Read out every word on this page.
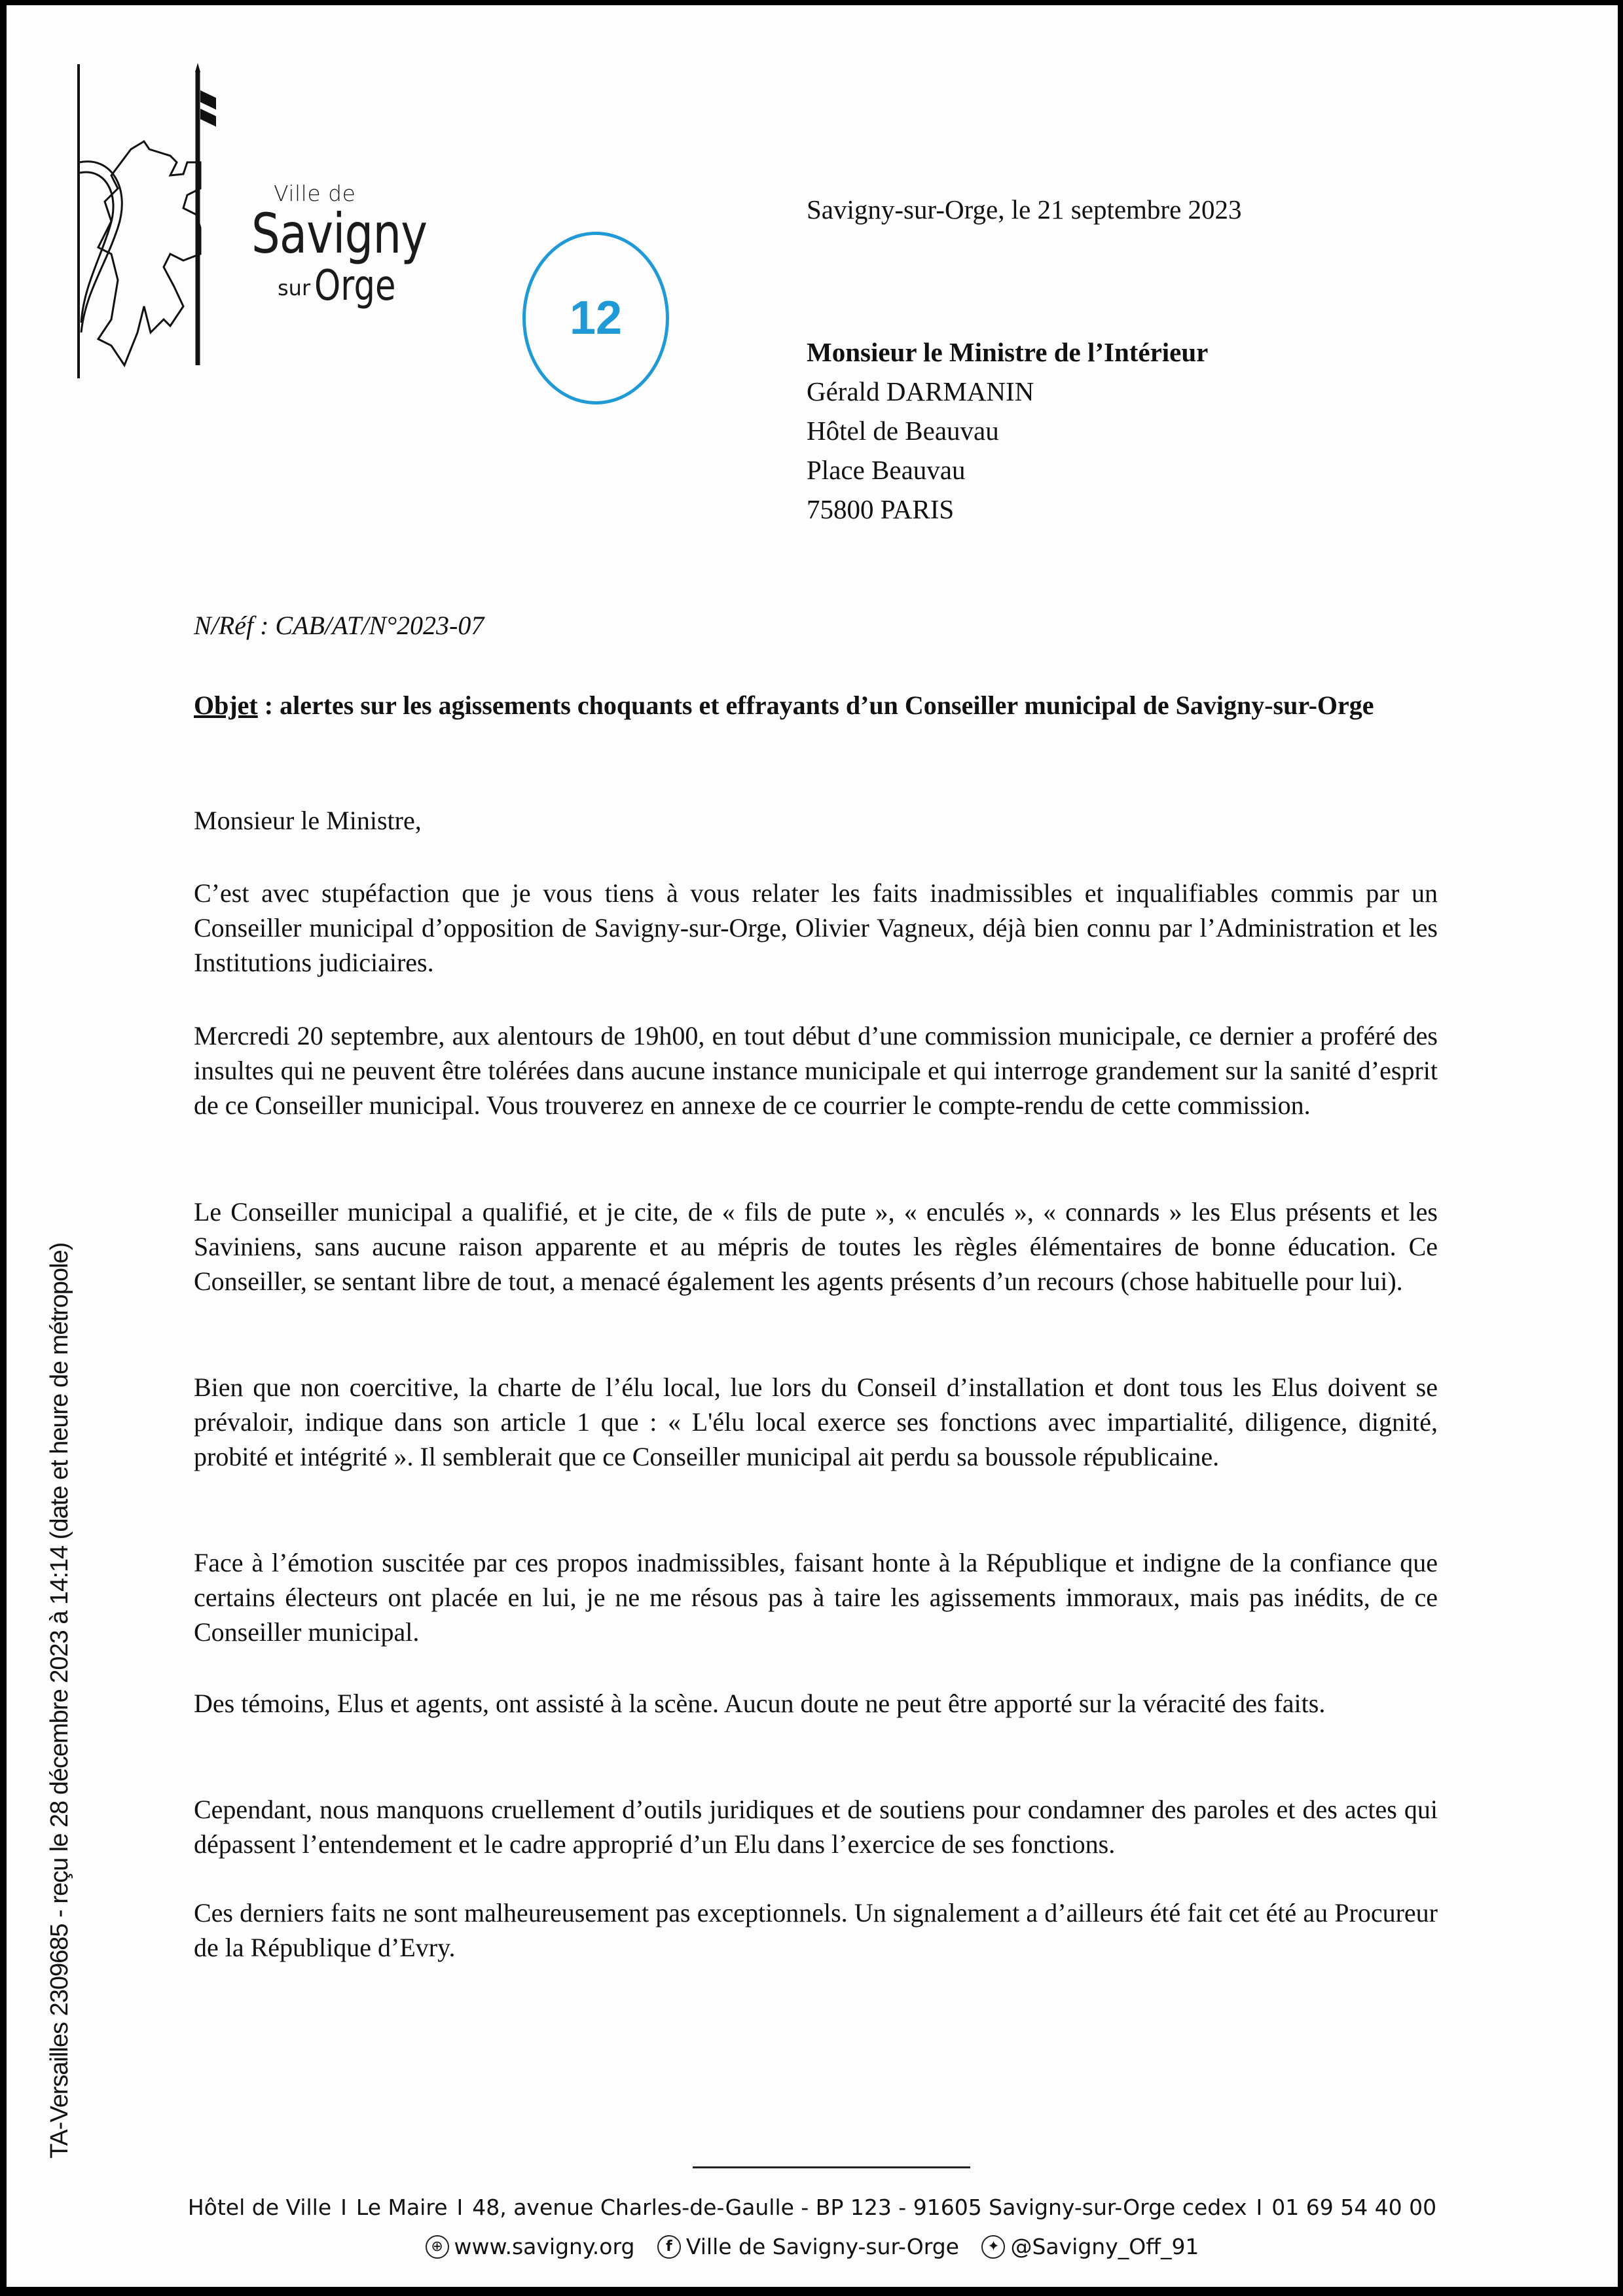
Ville de
Savigny
sur Orge
12
Savigny-sur-Orge, le 21 septembre 2023
Monsieur le Ministre de l’Intérieur
Gérald DARMANIN
Hôtel de Beauvau
Place Beauvau
75800 PARIS
N/Réf : CAB/AT/N°2023-07
Objet : alertes sur les agissements choquants et effrayants d’un Conseiller municipal de Savigny-sur-Orge
Monsieur le Ministre,
C’est avec stupéfaction que je vous tiens à vous relater les faits inadmissibles et inqualifiables commis par un Conseiller municipal d’opposition de Savigny-sur-Orge, Olivier Vagneux, déjà bien connu par l’Administration et les Institutions judiciaires.
Mercredi 20 septembre, aux alentours de 19h00, en tout début d’une commission municipale, ce dernier a proféré des insultes qui ne peuvent être tolérées dans aucune instance municipale et qui interroge grandement sur la sanité d’esprit de ce Conseiller municipal. Vous trouverez en annexe de ce courrier le compte-rendu de cette commission.
Le Conseiller municipal a qualifié, et je cite, de « fils de pute », « enculés », « connards » les Elus présents et les Saviniens, sans aucune raison apparente et au mépris de toutes les règles élémentaires de bonne éducation. Ce Conseiller, se sentant libre de tout, a menacé également les agents présents d’un recours (chose habituelle pour lui).
Bien que non coercitive, la charte de l’élu local, lue lors du Conseil d’installation et dont tous les Elus doivent se prévaloir, indique dans son article 1 que : « L'élu local exerce ses fonctions avec impartialité, diligence, dignité, probité et intégrité ». Il semblerait que ce Conseiller municipal ait perdu sa boussole républicaine.
Face à l’émotion suscitée par ces propos inadmissibles, faisant honte à la République et indigne de la confiance que certains électeurs ont placée en lui, je ne me résous pas à taire les agissements immoraux, mais pas inédits, de ce Conseiller municipal.
Des témoins, Elus et agents, ont assisté à la scène. Aucun doute ne peut être apporté sur la véracité des faits.
Cependant, nous manquons cruellement d’outils juridiques et de soutiens pour condamner des paroles et des actes qui dépassent l’entendement et le cadre approprié d’un Elu dans l’exercice de ses fonctions.
Ces derniers faits ne sont malheureusement pas exceptionnels. Un signalement a d’ailleurs été fait cet été au Procureur de la République d’Evry.
TA-Versailles 2309685 - reçu le 28 décembre 2023 à 14:14 (date et heure de métropole)
Hôtel de Ville I Le Maire I 48, avenue Charles-de-Gaulle - BP 123 - 91605 Savigny-sur-Orge cedex I 01 69 54 40 00
⊕ www.savigny.org
	f Ville de Savigny-sur-Orge
	✦ @Savigny_Off_91
